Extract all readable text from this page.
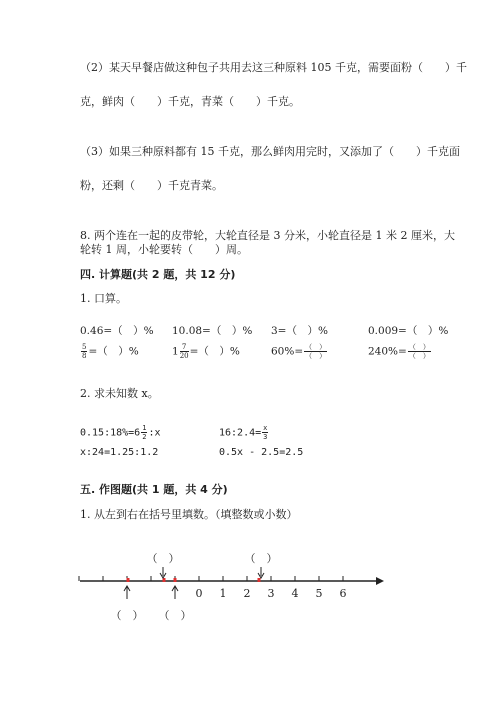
（2）某天早餐店做这种包子共用去这三种原料 105 千克，需要面粉（　　）千
克，鲜肉（　　）千克，青菜（　　）千克。
（3）如果三种原料都有 15 千克，那么鲜肉用完时，又添加了（　　）千克面
粉，还剩（　　）千克青菜。
8. 两个连在一起的皮带轮，大轮直径是 3 分米，小轮直径是 1 米 2 厘米，大
轮转 1 周，小轮要转（　　）周。
四. 计算题(共 2 题，共 12 分)
1. 口算。
0.46=（　）% 10.08=（　）% 3=（　）%	0.009=（　）%
$\frac{5}{8}$ =（　）%	$1 \frac{7}{20}$ =（　）%	$60\%= \frac{( )}{( )}$	$240\%= \frac{( )}{( )}$
2. 求未知数 x。
0.15:18%=6 $\frac{1}{2}$ :x	16:2.4= $\frac{x}{3}$
x:24=1.25:1.2	0.5x - 2.5=2.5
五. 作图题(共 1 题，共 4 分)
1. 从左到右在括号里填数。（填整数或小数）
0 1 2 3 4 5 6
（　）	（　）
（　） （　）
